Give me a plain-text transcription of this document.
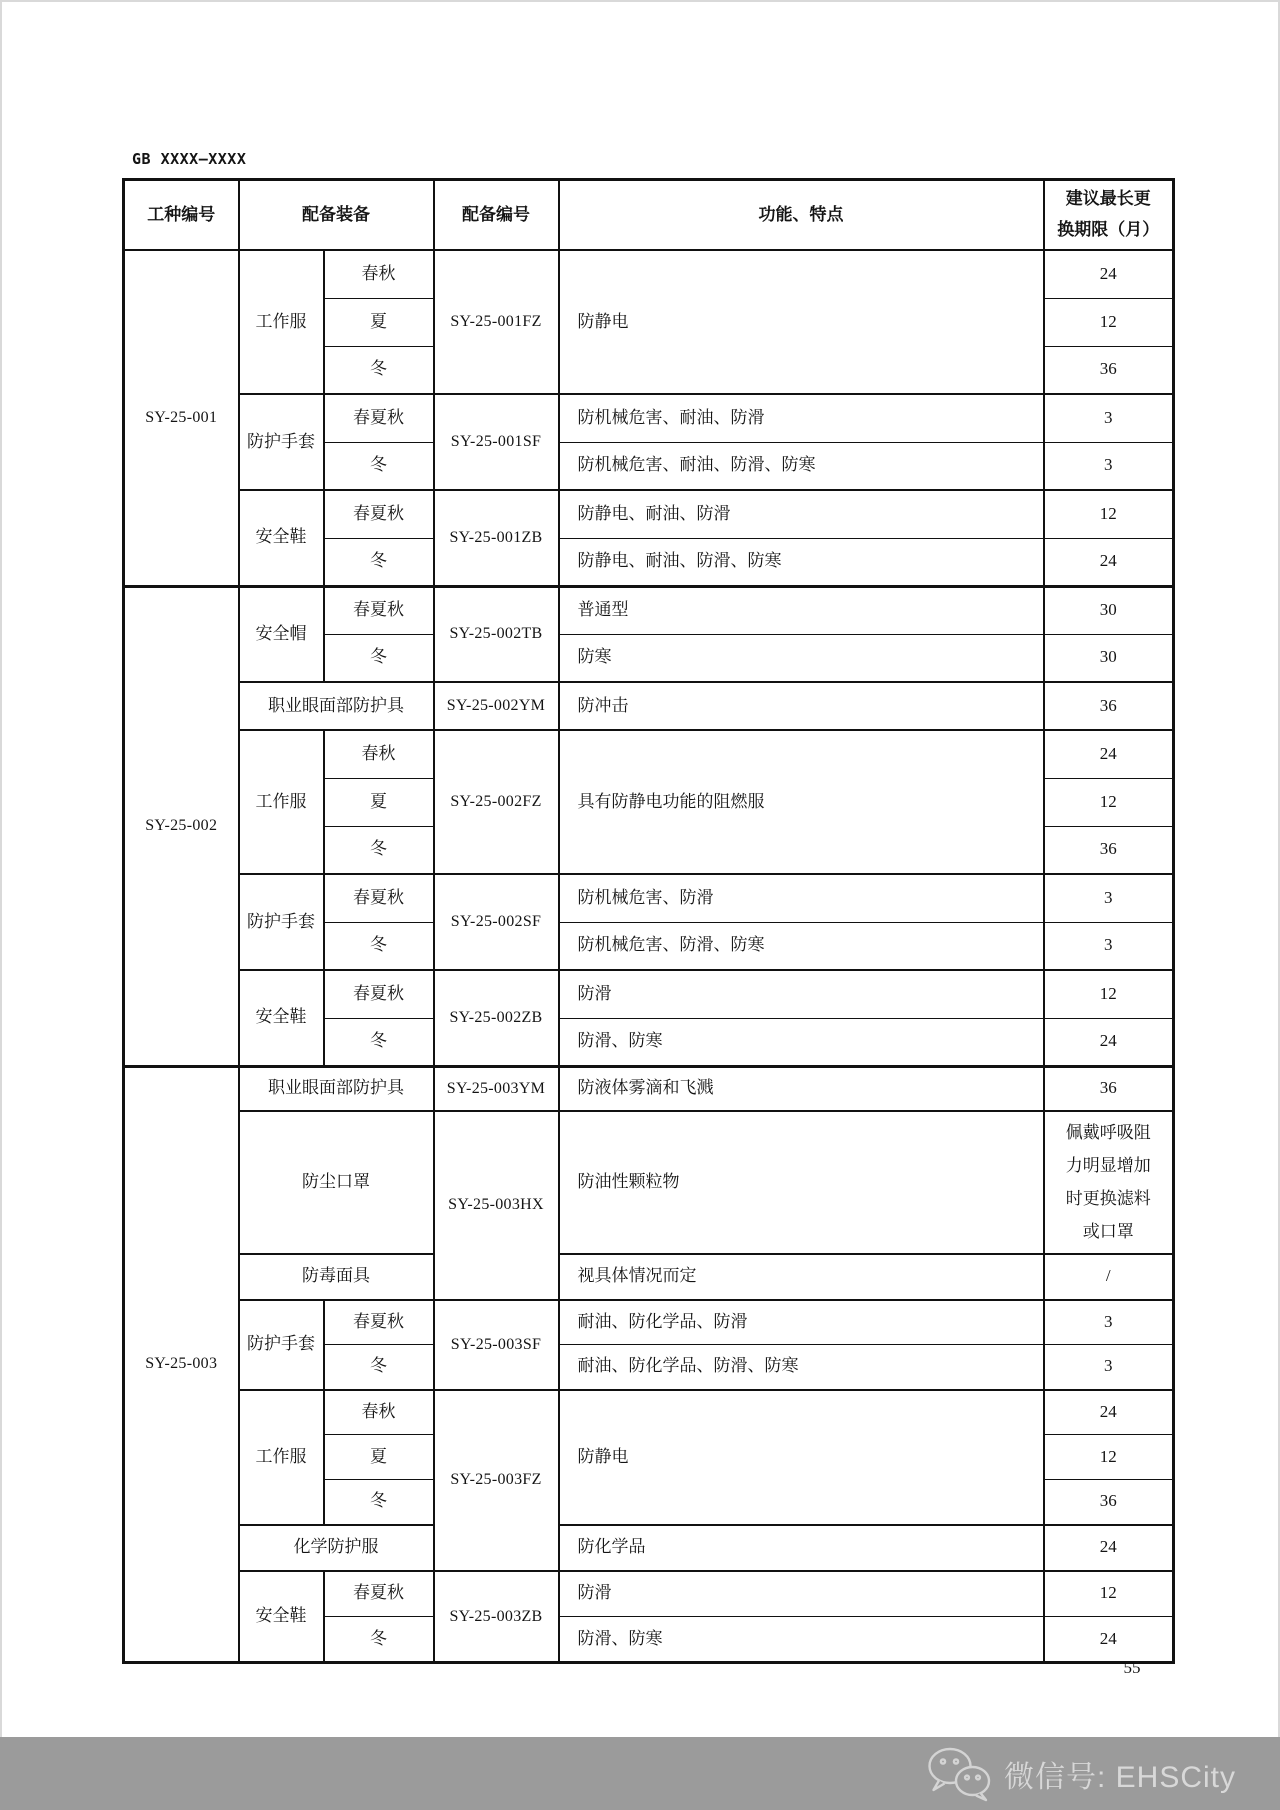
GB XXXX—XXXX
工种编号	配备装备		配备编号	功能、特点	建议最长更
换期限（月）

SY-25-001	工作服	春秋	SY-25-001FZ	防静电	24
		夏			12
		冬			36
	防护手套	春夏秋	SY-25-001SF	防机械危害、耐油、防滑	3
		冬		防机械危害、耐油、防滑、防寒	3
	安全鞋	春夏秋	SY-25-001ZB	防静电、耐油、防滑	12
		冬		防静电、耐油、防滑、防寒	24
SY-25-002	安全帽	春夏秋	SY-25-002TB	普通型	30
		冬		防寒	30
	职业眼面部防护具		SY-25-002YM	防冲击	36
	工作服	春秋	SY-25-002FZ	具有防静电功能的阻燃服	24
		夏			12
		冬			36
	防护手套	春夏秋	SY-25-002SF	防机械危害、防滑	3
		冬		防机械危害、防滑、防寒	3
	安全鞋	春夏秋	SY-25-002ZB	防滑	12
		冬		防滑、防寒	24
SY-25-003	职业眼面部防护具		SY-25-003YM	防液体雾滴和飞溅	36
	防尘口罩		SY-25-003HX	防油性颗粒物	佩戴呼吸阻力明显增加时更换滤料或口罩
	防毒面具			视具体情况而定	/
	防护手套	春夏秋	SY-25-003SF	耐油、防化学品、防滑	3
		冬		耐油、防化学品、防滑、防寒	3
	工作服	春秋	SY-25-003FZ	防静电	24
		夏			12
		冬			36
	化学防护服			防化学品	24
	安全鞋	春夏秋	SY-25-003ZB	防滑	12
		冬		防滑、防寒	24
55
微信号: EHSCity
